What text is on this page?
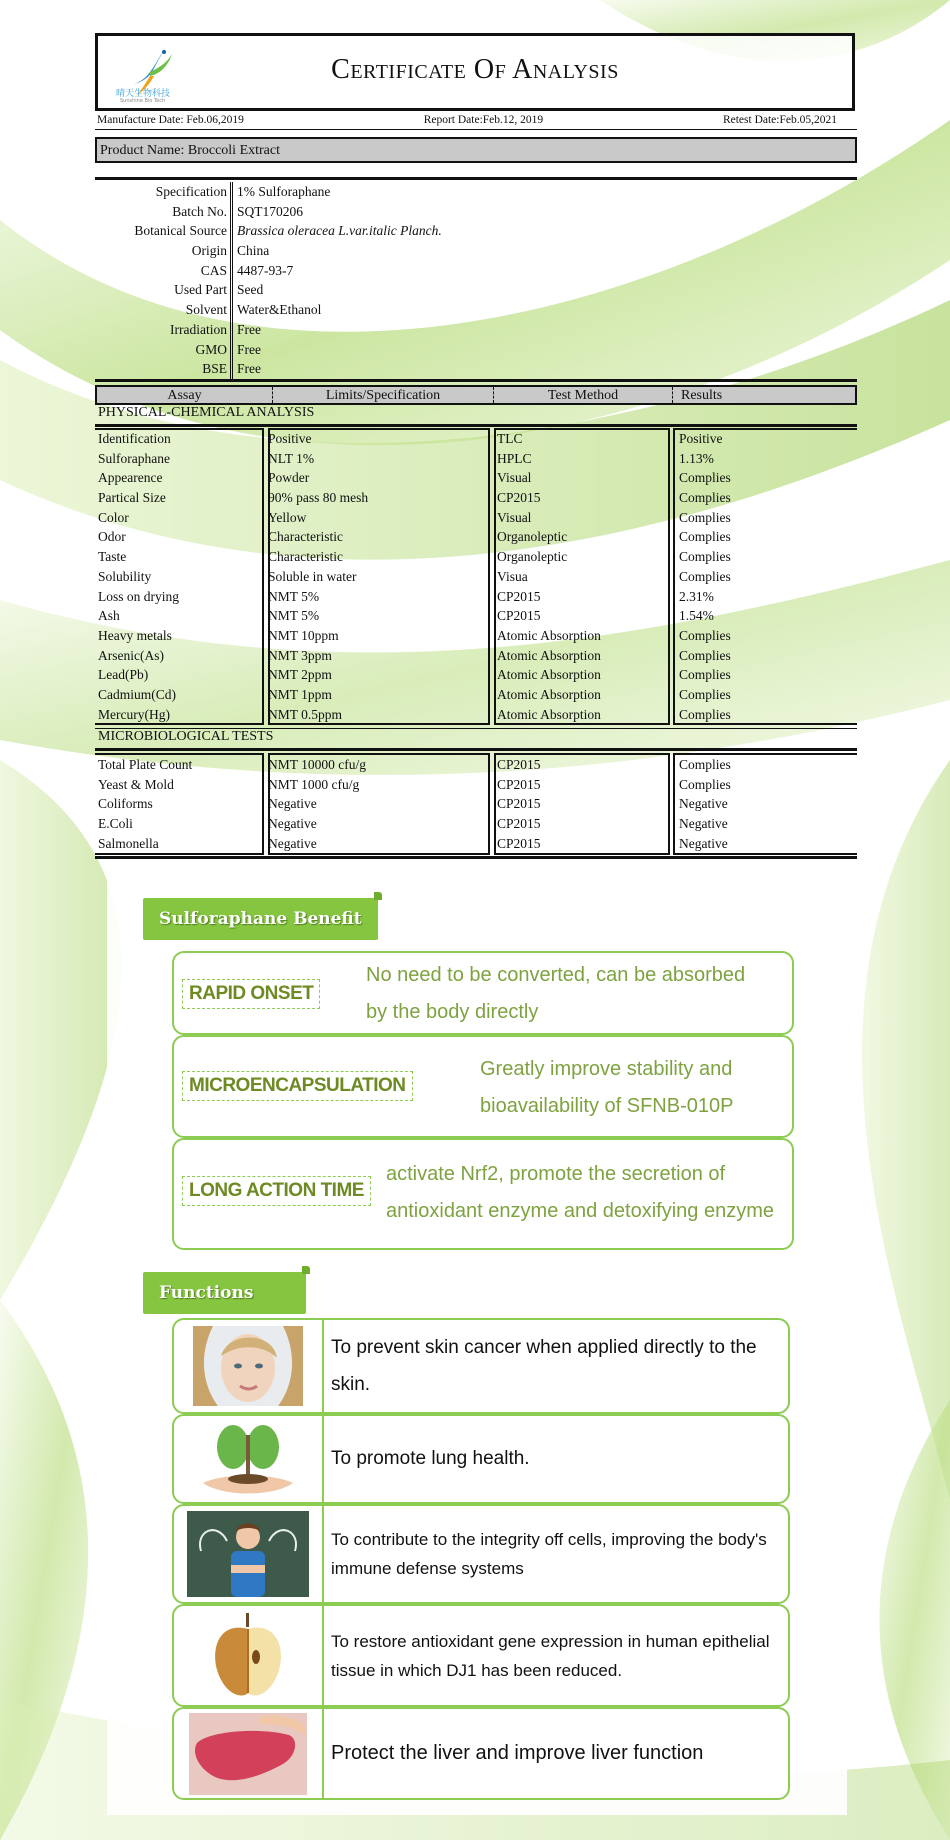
晴天生物科技
Sunshine Bio Tech
Certificate Of Analysis
Manufacture Date: Feb.06,2019	Report Date:Feb.12, 2019	Retest Date:Feb.05,2021
Product Name: Broccoli Extract
Specification 1% Sulforaphane
Batch No. SQT170206
Botanical Source Brassica oleracea L.var.italic Planch.
Origin China
CAS 4487-93-7
Used Part Seed
Solvent Water&Ethanol
Irradiation Free
GMO Free
BSE Free
Assay	Limits/Specification	Test Method	Results
PHYSICAL-CHEMICAL ANALYSIS
Identification	Positive	TLC	Positive
Sulforaphane	NLT 1%	HPLC	1.13%
Appearence	Powder	Visual	Complies
Partical Size	90% pass 80 mesh	CP2015	Complies
Color	Yellow	Visual	Complies
Odor	Characteristic	Organoleptic	Complies
Taste	Characteristic	Organoleptic	Complies
Solubility	Soluble in water	Visua	Complies
Loss on drying	NMT 5%	CP2015	2.31%
Ash	NMT 5%	CP2015	1.54%
Heavy metals	NMT 10ppm	Atomic Absorption	Complies
Arsenic(As)	NMT 3ppm	Atomic Absorption	Complies
Lead(Pb)	NMT 2ppm	Atomic Absorption	Complies
Cadmium(Cd)	NMT 1ppm	Atomic Absorption	Complies
Mercury(Hg)	NMT 0.5ppm	Atomic Absorption	Complies
MICROBIOLOGICAL TESTS
Total Plate Count	NMT 10000 cfu/g	CP2015	Complies
Yeast & Mold	NMT 1000 cfu/g	CP2015	Complies
Coliforms	Negative	CP2015	Negative
E.Coli	Negative	CP2015	Negative
Salmonella	Negative	CP2015	Negative
Sulforaphane Benefit
RAPID ONSET
No need to be converted, can be absorbed
by the body directly
MICROENCAPSULATION
Greatly improve stability and
bioavailability of SFNB-010P
LONG ACTION TIME
activate Nrf2, promote the secretion of
antioxidant enzyme and detoxifying enzyme
Functions
To prevent skin cancer when applied directly to the skin.
To promote lung health.
To contribute to the integrity off cells, improving the body's immune defense systems
To restore antioxidant gene expression in human epithelial tissue in which DJ1 has been reduced.
Protect the liver and improve liver function
